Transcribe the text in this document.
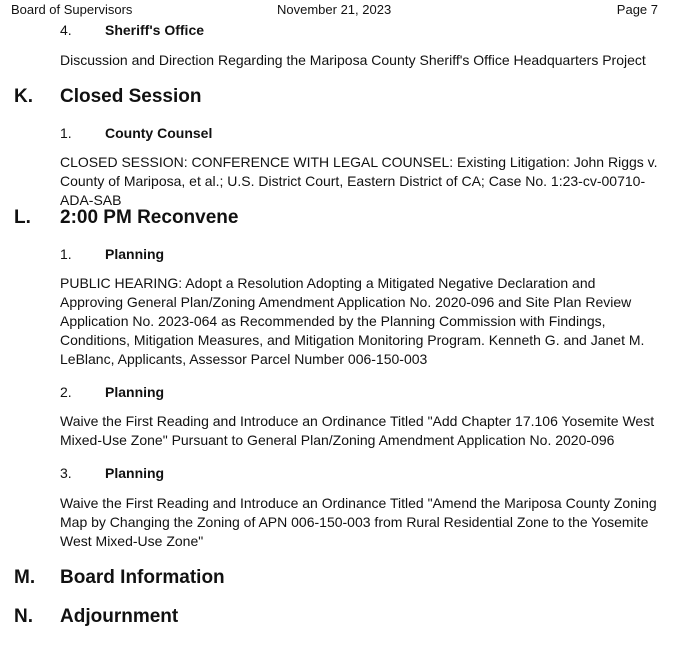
Board of Supervisors	November 21, 2023	Page 7
4. Sheriff's Office

Discussion and Direction Regarding the Mariposa County Sheriff's Office Headquarters Project

K. Closed Session
1. County Counsel

CLOSED SESSION: CONFERENCE WITH LEGAL COUNSEL: Existing Litigation: John Riggs v. County of Mariposa, et al.; U.S. District Court, Eastern District of CA; Case No. 1:23-cv-00710-ADA-SAB

L. 2:00 PM Reconvene
1. Planning

PUBLIC HEARING: Adopt a Resolution Adopting a Mitigated Negative Declaration and Approving General Plan/Zoning Amendment Application No. 2020-096 and Site Plan Review Application No. 2023-064 as Recommended by the Planning Commission with Findings, Conditions, Mitigation Measures, and Mitigation Monitoring Program. Kenneth G. and Janet M. LeBlanc, Applicants, Assessor Parcel Number 006-150-003

2. Planning

Waive the First Reading and Introduce an Ordinance Titled "Add Chapter 17.106 Yosemite West Mixed-Use Zone" Pursuant to General Plan/Zoning Amendment Application No. 2020-096

3. Planning

Waive the First Reading and Introduce an Ordinance Titled "Amend the Mariposa County Zoning Map by Changing the Zoning of APN 006-150-003 from Rural Residential Zone to the Yosemite West Mixed-Use Zone"

M. Board Information
N. Adjournment
